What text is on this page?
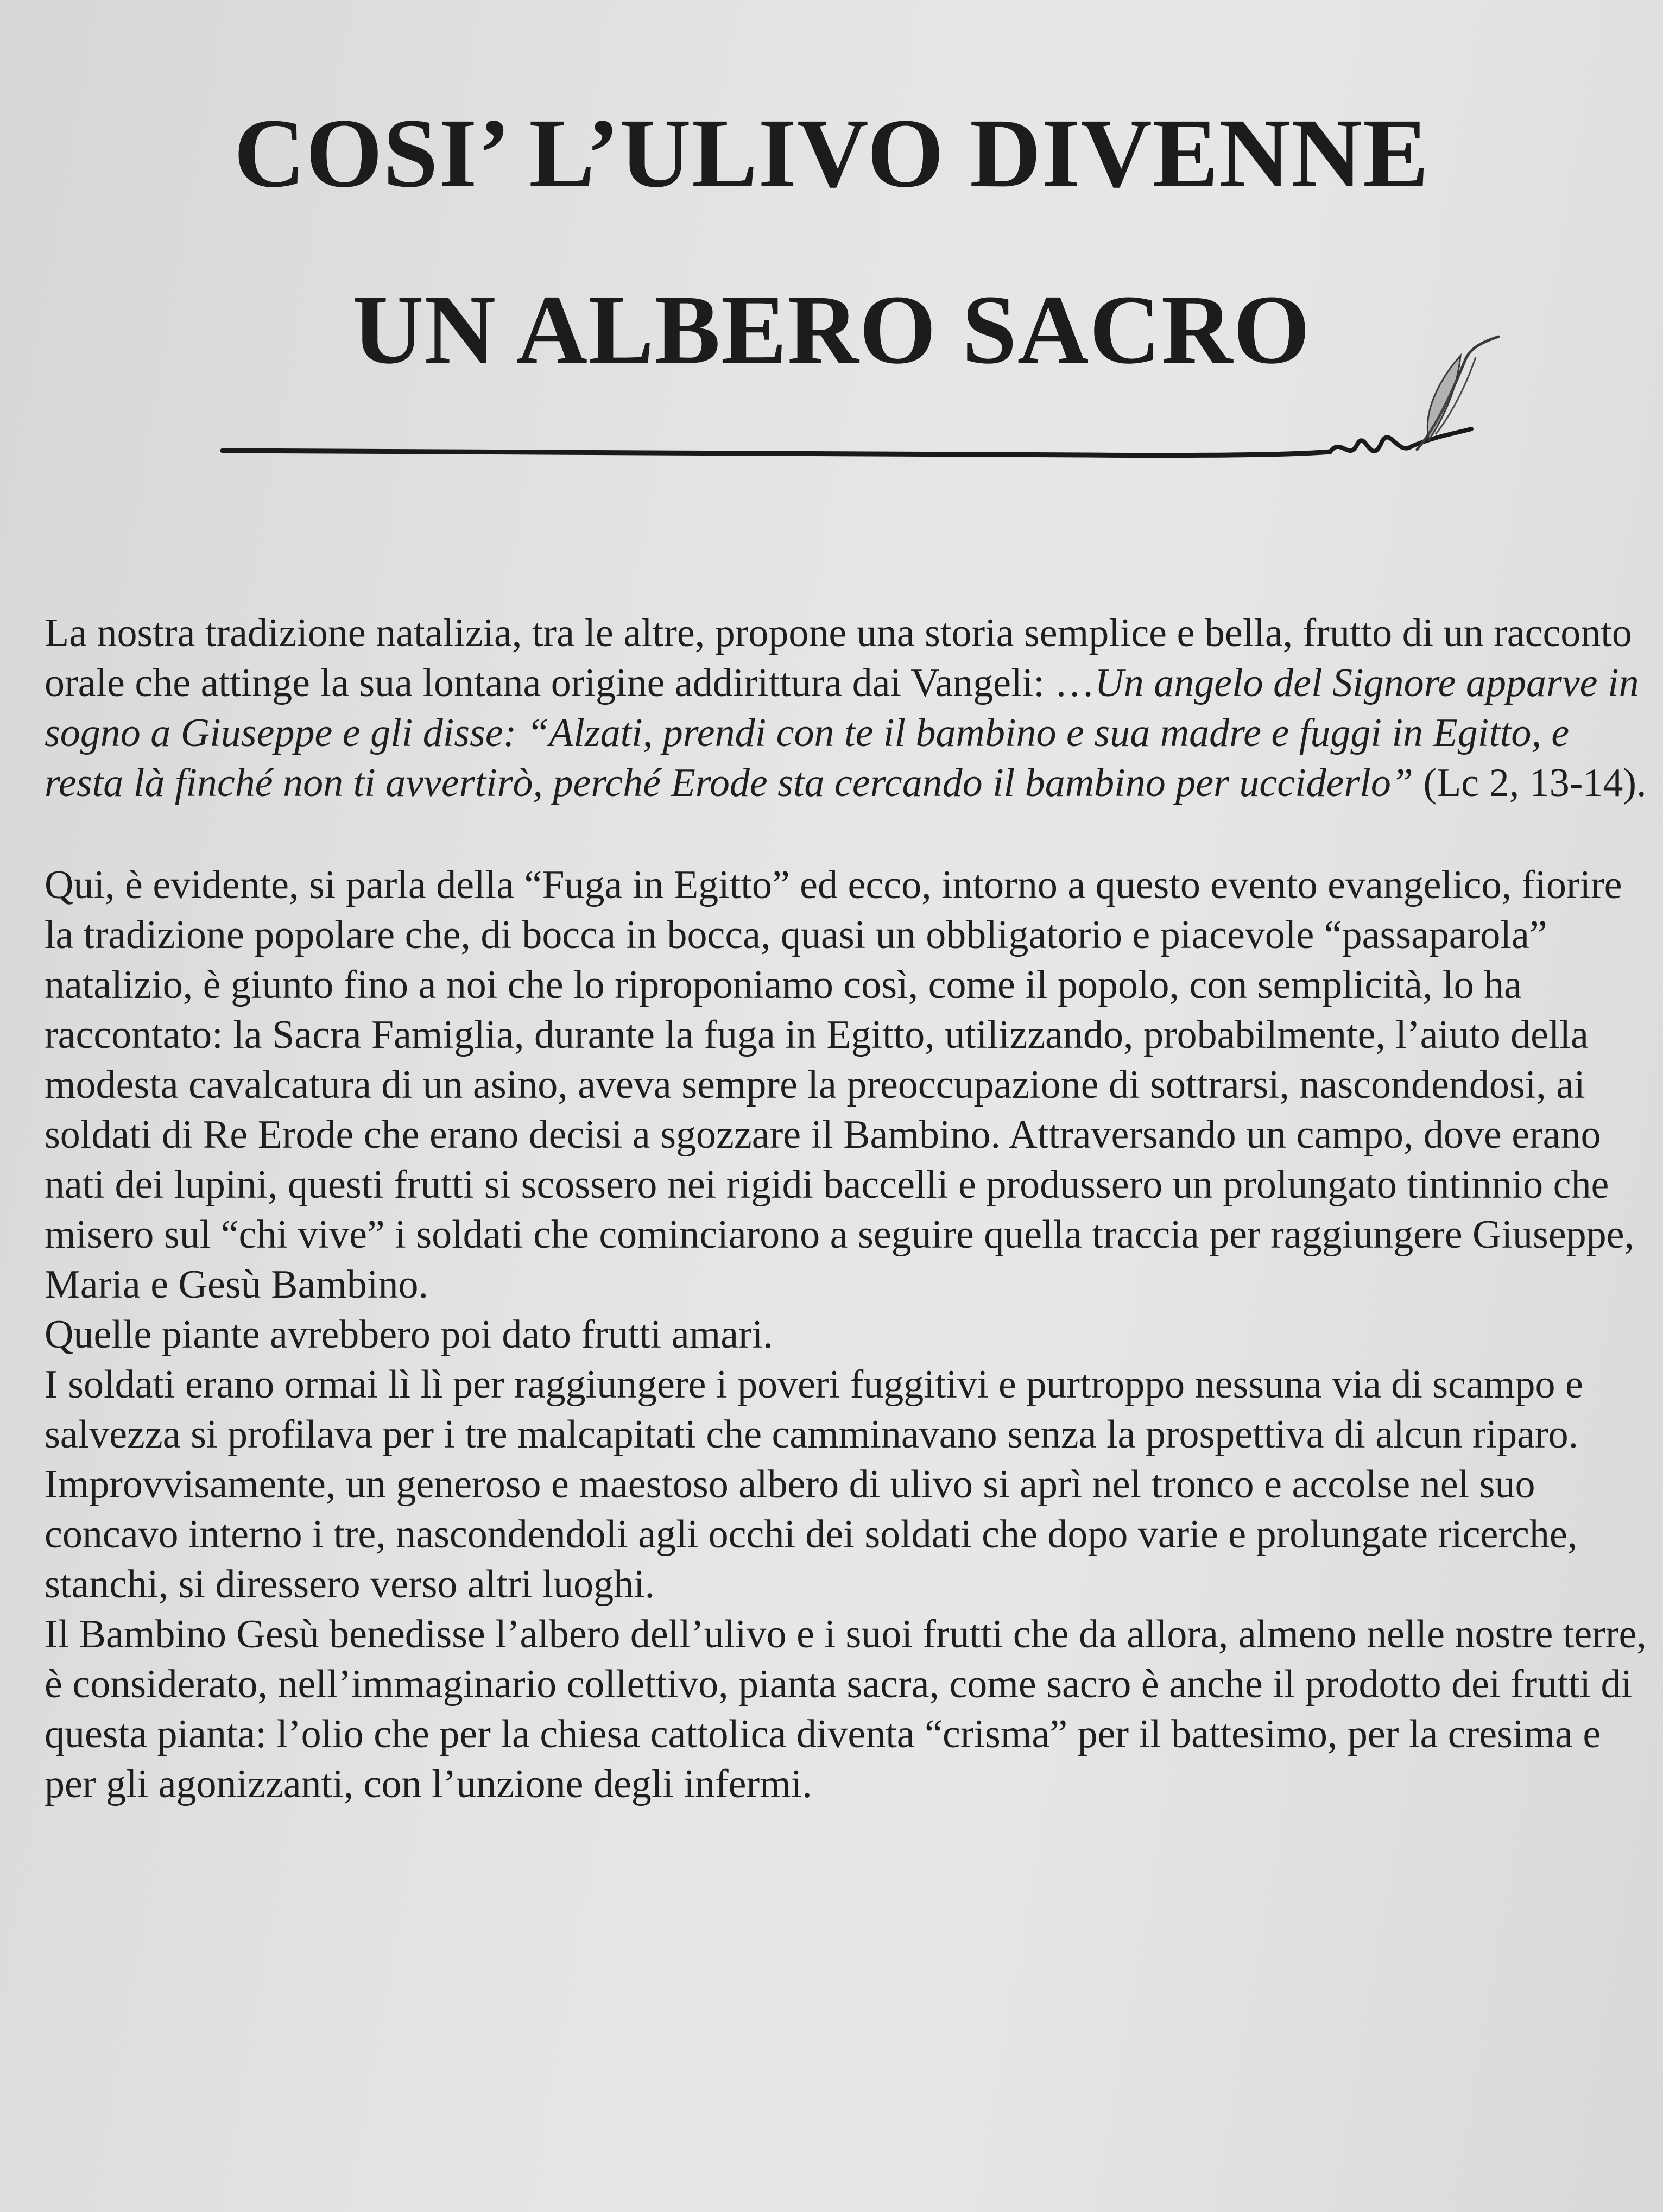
COSI’ L’ULIVO DIVENNE
UN ALBERO SACRO

La nostra tradizione natalizia, tra le altre, propone una storia semplice e bella, frutto di un racconto orale che attinge la sua lontana origine addirittura dai Vangeli: …Un angelo del Signore apparve in sogno a Giuseppe e gli disse: “Alzati, prendi con te il bambino e sua madre e fuggi in Egitto, e resta là finché non ti avvertirò, perché Erode sta cercando il bambino per ucciderlo” (Lc 2, 13-14).

Qui, è evidente, si parla della “Fuga in Egitto” ed ecco, intorno a questo evento evangelico, fiorire la tradizione popolare che, di bocca in bocca, quasi un obbligatorio e piacevole “passaparola” natalizio, è giunto fino a noi che lo riproponiamo così, come il popolo, con semplicità, lo ha raccontato: la Sacra Famiglia, durante la fuga in Egitto, utilizzando, probabilmente, l’aiuto della modesta cavalcatura di un asino, aveva sempre la preoccupazione di sottrarsi, nascondendosi, ai soldati di Re Erode che erano decisi a sgozzare il Bambino. Attraversando un campo, dove erano nati dei lupini, questi frutti si scossero nei rigidi baccelli e produssero un prolungato tintinnio che misero sul “chi vive” i soldati che cominciarono a seguire quella traccia per raggiungere Giuseppe, Maria e Gesù Bambino.

Quelle piante avrebbero poi dato frutti amari.

I soldati erano ormai lì lì per raggiungere i poveri fuggitivi e purtroppo nessuna via di scampo e salvezza si profilava per i tre malcapitati che camminavano senza la prospettiva di alcun riparo.

Improvvisamente, un generoso e maestoso albero di ulivo si aprì nel tronco e accolse nel suo concavo interno i tre, nascondendoli agli occhi dei soldati che dopo varie e prolungate ricerche, stanchi, si diressero verso altri luoghi.

Il Bambino Gesù benedisse l’albero dell’ulivo e i suoi frutti che da allora, almeno nelle nostre terre, è considerato, nell’immaginario collettivo, pianta sacra, come sacro è anche il prodotto dei frutti di questa pianta: l’olio che per la chiesa cattolica diventa “crisma” per il battesimo, per la cresima e per gli agonizzanti, con l’unzione degli infermi.
